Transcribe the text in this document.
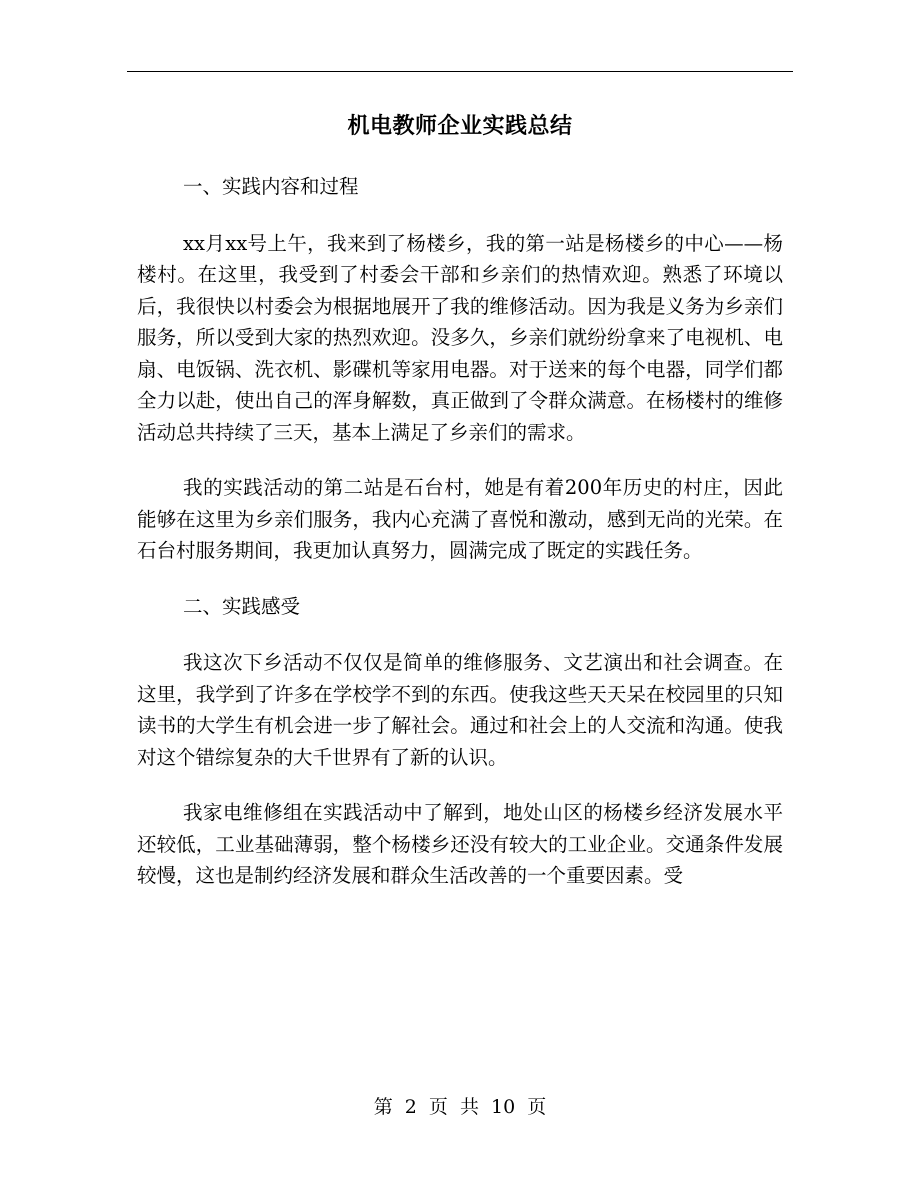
机电教师企业实践总结
一、实践内容和过程
xx月xx号上午，我来到了杨楼乡，我的第一站是杨楼乡的中心——杨楼村。在这里，我受到了村委会干部和乡亲们的热情欢迎。熟悉了环境以后，我很快以村委会为根据地展开了我的维修活动。因为我是义务为乡亲们服务，所以受到大家的热烈欢迎。没多久，乡亲们就纷纷拿来了电视机、电扇、电饭锅、洗衣机、影碟机等家用电器。对于送来的每个电器，同学们都全力以赴，使出自己的浑身解数，真正做到了令群众满意。在杨楼村的维修活动总共持续了三天，基本上满足了乡亲们的需求。
我的实践活动的第二站是石台村，她是有着200年历史的村庄，因此能够在这里为乡亲们服务，我内心充满了喜悦和激动，感到无尚的光荣。在石台村服务期间，我更加认真努力，圆满完成了既定的实践任务。
二、实践感受
我这次下乡活动不仅仅是简单的维修服务、文艺演出和社会调查。在这里，我学到了许多在学校学不到的东西。使我这些天天呆在校园里的只知读书的大学生有机会进一步了解社会。通过和社会上的人交流和沟通。使我对这个错综复杂的大千世界有了新的认识。
我家电维修组在实践活动中了解到，地处山区的杨楼乡经济发展水平还较低，工业基础薄弱，整个杨楼乡还没有较大的工业企业。交通条件发展较慢，这也是制约经济发展和群众生活改善的一个重要因素。受
第 2 页 共 10 页
